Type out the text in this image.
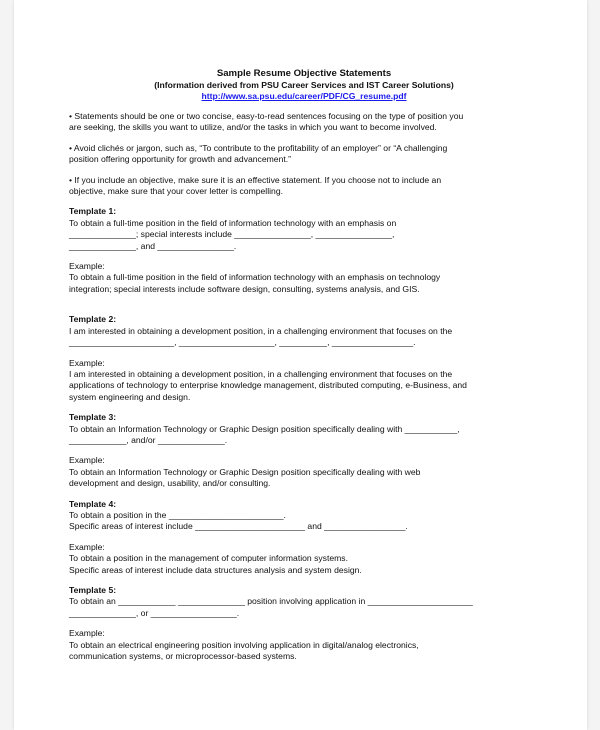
Sample Resume Objective Statements
(Information derived from PSU Career Services and IST Career Solutions)
http://www.sa.psu.edu/career/PDF/CG_resume.pdf
• Statements should be one or two concise, easy-to-read sentences focusing on the type of position you
are seeking, the skills you want to utilize, and/or the tasks in which you want to become involved.
• Avoid clichés or jargon, such as, “To contribute to the profitability of an employer” or “A challenging
position offering opportunity for growth and advancement.”
• If you include an objective, make sure it is an effective statement. If you choose not to include an
objective, make sure that your cover letter is compelling.
Template 1:
To obtain a full-time position in the field of information technology with an emphasis on
______________; special interests include ________________, ________________,
______________, and ________________.
Example:
To obtain a full-time position in the field of information technology with an emphasis on technology
integration; special interests include software design, consulting, systems analysis, and GIS.
Template 2:
I am interested in obtaining a development position, in a challenging environment that focuses on the
______________________, ____________________, __________, _________________.
Example:
I am interested in obtaining a development position, in a challenging environment that focuses on the
applications of technology to enterprise knowledge management, distributed computing, e-Business, and
system engineering and design.
Template 3:
To obtain an Information Technology or Graphic Design position specifically dealing with ___________,
____________, and/or ______________.
Example:
To obtain an Information Technology or Graphic Design position specifically dealing with web
development and design, usability, and/or consulting.
Template 4:
To obtain a position in the ________________________.
Specific areas of interest include _______________________ and _________________.
Example:
To obtain a position in the management of computer information systems.
Specific areas of interest include data structures analysis and system design.
Template 5:
To obtain an ____________ ______________ position involving application in ______________________
______________, or __________________.
Example:
To obtain an electrical engineering position involving application in digital/analog electronics,
communication systems, or microprocessor-based systems.
